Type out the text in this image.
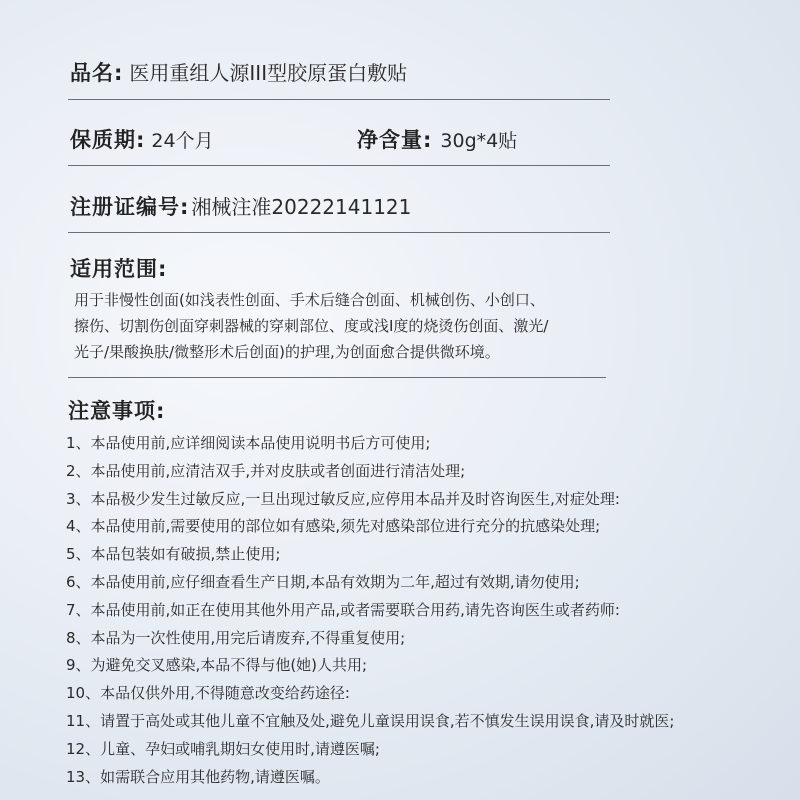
品名: 医用重组人源III型胶原蛋白敷贴
保质期: 24个月	净含量: 30g*4贴
注册证编号: 湘械注准20222141121
适用范围:
用于非慢性创面(如浅表性创面、手术后缝合创面、机械创伤、小创口、
擦伤、切割伤创面穿刺器械的穿刺部位、度或浅I度的烧烫伤创面、激光/
光子/果酸换肤/微整形术后创面)的护理,为创面愈合提供微环境。
注意事项:
1、本品使用前,应详细阅读本品使用说明书后方可使用;
2、本品使用前,应清洁双手,并对皮肤或者创面进行清洁处理;
3、本品极少发生过敏反应,一旦出现过敏反应,应停用本品并及时咨询医生,对症处理:
4、本品使用前,需要使用的部位如有感染,须先对感染部位进行充分的抗感染处理;
5、本品包装如有破损,禁止使用;
6、本品使用前,应仔细查看生产日期,本品有效期为二年,超过有效期,请勿使用;
7、本品使用前,如正在使用其他外用产品,或者需要联合用药,请先咨询医生或者药师:
8、本品为一次性使用,用完后请废弃,不得重复使用;
9、为避免交叉感染,本品不得与他(她)人共用;
10、本品仅供外用,不得随意改变给药途径:
11、请置于高处或其他儿童不宜触及处,避免儿童误用误食,若不慎发生误用误食,请及时就医;
12、儿童、孕妇或哺乳期妇女使用时,请遵医嘱;
13、如需联合应用其他药物,请遵医嘱。
